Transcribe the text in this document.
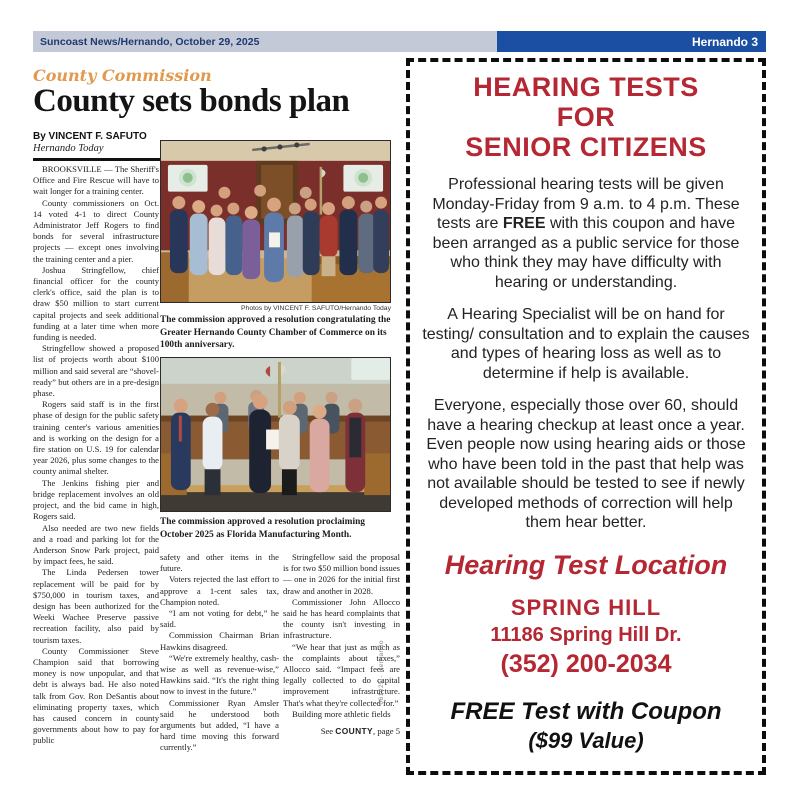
Suncoast News/Hernando, October 29, 2025	Hernando 3
County Commission
County sets bonds plan
By VINCENT F. SAFUTO
Hernando Today

BROOKSVILLE — The Sheriff's Office and Fire Rescue will have to wait longer for a training center.

County commissioners on Oct. 14 voted 4-1 to direct County Administrator Jeff Rogers to find bonds for several infrastructure projects — except ones involving the training center and a pier.

Joshua Stringfellow, chief financial officer for the county clerk's office, said the plan is to draw $50 million to start current capital projects and seek additional funding at a later time when more funding is needed.

Stringfellow showed a proposed list of projects worth about $100 million and said several are “shovel-ready” but others are in a pre-design phase.

Rogers said staff is in the first phase of design for the public safety training center's various amenities and is working on the design for a fire station on U.S. 19 for calendar year 2026, plus some changes to the county animal shelter.

The Jenkins fishing pier and bridge replacement involves an old project, and the bid came in high, Rogers said.

Also needed are two new fields and a road and parking lot for the Anderson Snow Park project, paid by impact fees, he said.

The Linda Pedersen tower replacement will be paid for by $750,000 in tourism taxes, and design has been authorized for the Weeki Wachee Preserve passive recreation facility, also paid by tourism taxes.

County Commissioner Steve Champion said that borrowing money is now unpopular, and that debt is always bad. He also noted talk from Gov. Ron DeSantis about eliminating property taxes, which has caused concern in county governments about how to pay for public

Photos by VINCENT F. SAFUTO/Hernando Today
The commission approved a resolution congratulating the Greater Hernando County Chamber of Commerce on its 100th anniversary.
The commission approved a resolution proclaiming October 2025 as Florida Manufacturing Month.

safety and other items in the future.

Voters rejected the last effort to approve a 1-cent sales tax, Champion noted.

“I am not voting for debt,” he said.

Commission Chairman Brian Hawkins disagreed.

“We're extremely healthy, cash-wise as well as revenue-wise,” Hawkins said. “It's the right thing now to invest in the future.”

Commissioner Ryan Amsler said he understood both arguments but added, “I have a hard time moving this forward currently.”

Stringfellow said the proposal is for two $50 million bond issues — one in 2026 for the initial first draw and another in 2028.

Commissioner John Allocco said he has heard complaints that the county isn't investing in infrastructure.

“We hear that just as much as the complaints about taxes,” Allocco said. “Impact fees are legally collected to do capital improvement infrastructure. That's what they're collected for.”

Building more athletic fields

See COUNTY, page 5
HEARING TESTS
FOR
SENIOR CITIZENS
Professional hearing tests will be given Monday-Friday from 9 a.m. to 4 p.m. These tests are FREE with this coupon and have been arranged as a public service for those who think they may have difficulty with hearing or understanding.
A Hearing Specialist will be on hand for testing/ consultation and to explain the causes and types of hearing loss as well as to determine if help is available.
Everyone, especially those over 60, should have a hearing checkup at least once a year. Even people now using hearing aids or those who have been told in the past that help was not available should be tested to see if newly developed methods of correction will help them hear better.
Hearing Test Location
SPRING HILL
11186 Spring Hill Dr.
(352) 200-2034
FREE Test with Coupon
($99 Value)
061925 - Hernando
